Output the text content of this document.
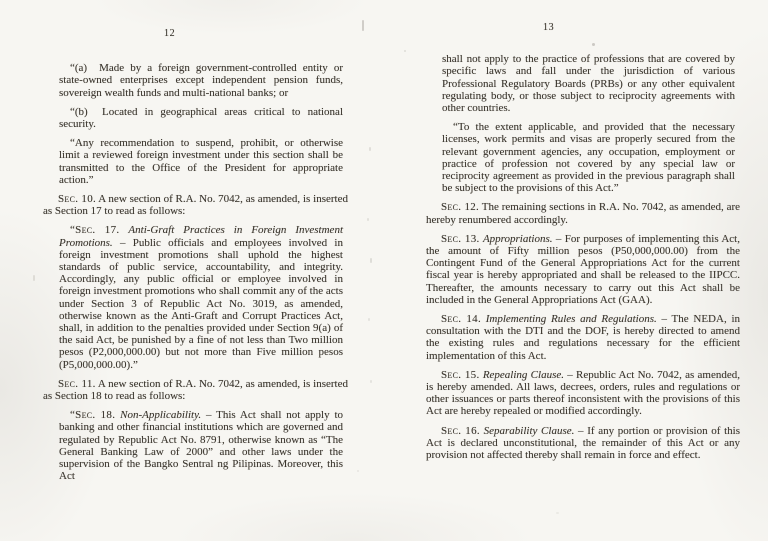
12

“(a)  Made by a foreign government-controlled entity or state-owned enterprises except independent pension funds, sovereign wealth funds and multi-national banks; or

“(b)  Located in geographical areas critical to national security.

“Any recommendation to suspend, prohibit, or otherwise limit a reviewed foreign investment under this section shall be transmitted to the Office of the President for appropriate action.”

Sec. 10. A new section of R.A. No. 7042, as amended, is inserted as Section 17 to read as follows:

“Sec. 17. Anti-Graft Practices in Foreign Investment Promotions. – Public officials and employees involved in foreign investment promotions shall uphold the highest standards of public service, accountability, and integrity. Accordingly, any public official or employee involved in foreign investment promotions who shall commit any of the acts under Section 3 of Republic Act No. 3019, as amended, otherwise known as the Anti-Graft and Corrupt Practices Act, shall, in addition to the penalties provided under Section 9(a) of the said Act, be punished by a fine of not less than Two million pesos (P2,000,000.00) but not more than Five million pesos (P5,000,000.00).”

Sec. 11. A new section of R.A. No. 7042, as amended, is inserted as Section 18 to read as follows:

“Sec. 18. Non-Applicability. – This Act shall not apply to banking and other financial institutions which are governed and regulated by Republic Act No. 8791, otherwise known as “The General Banking Law of 2000” and other laws under the supervision of the Bangko Sentral ng Pilipinas. Moreover, this Act

13

shall not apply to the practice of professions that are covered by specific laws and fall under the jurisdiction of various Professional Regulatory Boards (PRBs) or any other equivalent regulating body, or those subject to reciprocity agreements with other countries.

“To the extent applicable, and provided that the necessary licenses, work permits and visas are properly secured from the relevant government agencies, any occupation, employment or practice of profession not covered by any special law or reciprocity agreement as provided in the previous paragraph shall be subject to the provisions of this Act.”

Sec. 12. The remaining sections in R.A. No. 7042, as amended, are hereby renumbered accordingly.

Sec. 13. Appropriations. – For purposes of implementing this Act, the amount of Fifty million pesos (P50,000,000.00) from the Contingent Fund of the General Appropriations Act for the current fiscal year is hereby appropriated and shall be released to the IIPCC. Thereafter, the amounts necessary to carry out this Act shall be included in the General Appropriations Act (GAA).

Sec. 14. Implementing Rules and Regulations. – The NEDA, in consultation with the DTI and the DOF, is hereby directed to amend the existing rules and regulations necessary for the efficient implementation of this Act.

Sec. 15. Repealing Clause. – Republic Act No. 7042, as amended, is hereby amended. All laws, decrees, orders, rules and regulations or other issuances or parts thereof inconsistent with the provisions of this Act are hereby repealed or modified accordingly.

Sec. 16. Separability Clause. – If any portion or provision of this Act is declared unconstitutional, the remainder of this Act or any provision not affected thereby shall remain in force and effect.
